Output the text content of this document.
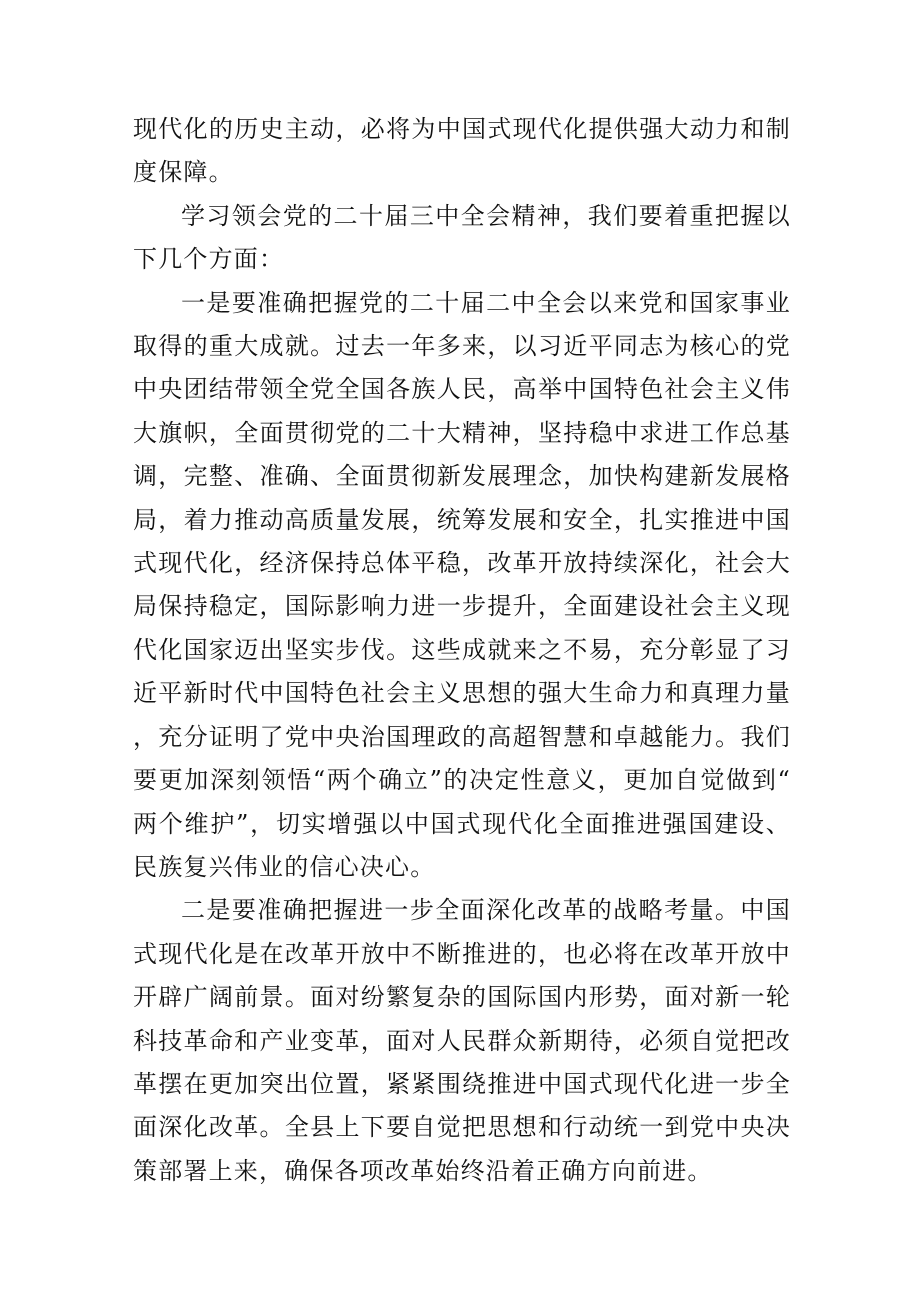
现代化的历史主动，必将为中国式现代化提供强大动力和制度保障。

学习领会党的二十届三中全会精神，我们要着重把握以下几个方面：

一是要准确把握党的二十届二中全会以来党和国家事业取得的重大成就。过去一年多来，以习近平同志为核心的党中央团结带领全党全国各族人民，高举中国特色社会主义伟大旗帜，全面贯彻党的二十大精神，坚持稳中求进工作总基调，完整、准确、全面贯彻新发展理念，加快构建新发展格局，着力推动高质量发展，统筹发展和安全，扎实推进中国式现代化，经济保持总体平稳，改革开放持续深化，社会大局保持稳定，国际影响力进一步提升，全面建设社会主义现代化国家迈出坚实步伐。这些成就来之不易，充分彰显了习近平新时代中国特色社会主义思想的强大生命力和真理力量，充分证明了党中央治国理政的高超智慧和卓越能力。我们要更加深刻领悟“两个确立”的决定性意义，更加自觉做到“两个维护”，切实增强以中国式现代化全面推进强国建设、民族复兴伟业的信心决心。

二是要准确把握进一步全面深化改革的战略考量。中国式现代化是在改革开放中不断推进的，也必将在改革开放中开辟广阔前景。面对纷繁复杂的国际国内形势，面对新一轮科技革命和产业变革，面对人民群众新期待，必须自觉把改革摆在更加突出位置，紧紧围绕推进中国式现代化进一步全面深化改革。全县上下要自觉把思想和行动统一到党中央决策部署上来，确保各项改革始终沿着正确方向前进。
